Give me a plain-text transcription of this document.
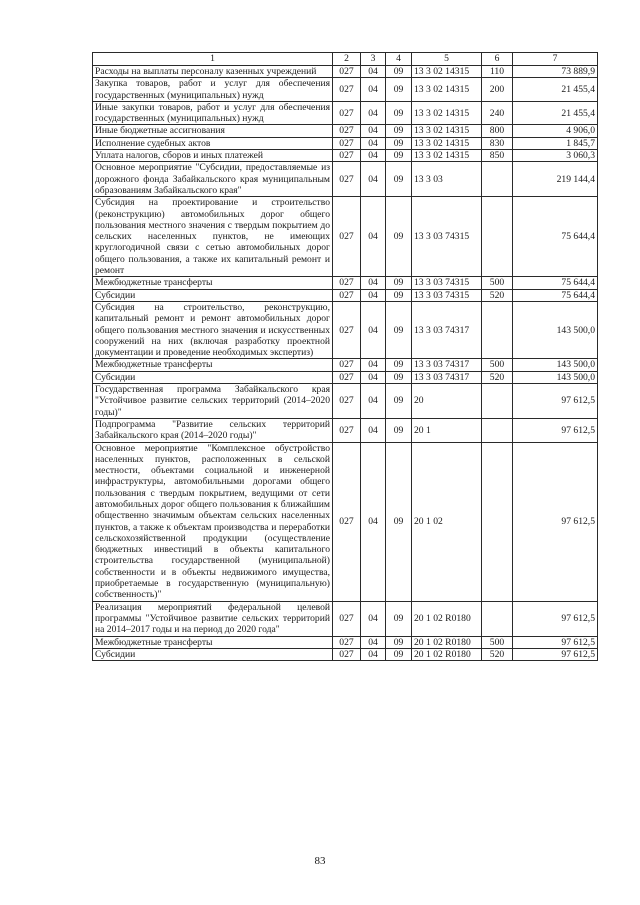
1	2	3	4	5	6	7
Расходы на выплаты персоналу казенных учреждений	027	04	09	13 3 02 14315	110	73 889,9
Закупка товаров, работ и услуг для обеспечения государственных (муниципальных) нужд	027	04	09	13 3 02 14315	200	21 455,4
Иные закупки товаров, работ и услуг для обеспечения государственных (муниципальных) нужд	027	04	09	13 3 02 14315	240	21 455,4
Иные бюджетные ассигнования	027	04	09	13 3 02 14315	800	4 906,0
Исполнение судебных актов	027	04	09	13 3 02 14315	830	1 845,7
Уплата налогов, сборов и иных платежей	027	04	09	13 3 02 14315	850	3 060,3
Основное мероприятие "Субсидии, предоставляемые из дорожного фонда Забайкальского края муниципальным образованиям Забайкальского края"	027	04	09	13 3 03		219 144,4
Субсидия на проектирование и строительство (реконструкцию) автомобильных дорог общего пользования местного значения с твердым покрытием до сельских населенных пунктов, не имеющих круглогодичной связи с сетью автомобильных дорог общего пользования, а также их капитальный ремонт и ремонт	027	04	09	13 3 03 74315		75 644,4
Межбюджетные трансферты	027	04	09	13 3 03 74315	500	75 644,4
Субсидии	027	04	09	13 3 03 74315	520	75 644,4
Субсидия на строительство, реконструкцию, капитальный ремонт и ремонт автомобильных дорог общего пользования местного значения и искусственных сооружений на них (включая разработку проектной документации и проведение необходимых экспертиз)	027	04	09	13 3 03 74317		143 500,0
Межбюджетные трансферты	027	04	09	13 3 03 74317	500	143 500,0
Субсидии	027	04	09	13 3 03 74317	520	143 500,0
Государственная программа Забайкальского края "Устойчивое развитие сельских территорий (2014–2020 годы)"	027	04	09	20		97 612,5
Подпрограмма "Развитие сельских территорий Забайкальского края (2014–2020 годы)"	027	04	09	20 1		97 612,5
Основное мероприятие "Комплексное обустройство населенных пунктов, расположенных в сельской местности, объектами социальной и инженерной инфраструктуры, автомобильными дорогами общего пользования с твердым покрытием, ведущими от сети автомобильных дорог общего пользования к ближайшим общественно значимым объектам сельских населенных пунктов, а также к объектам производства и переработки сельскохозяйственной продукции (осуществление бюджетных инвестиций в объекты капитального строительства государственной (муниципальной) собственности и в объекты недвижимого имущества, приобретаемые в государственную (муниципальную) собственность)"	027	04	09	20 1 02		97 612,5
Реализация мероприятий федеральной целевой программы "Устойчивое развитие сельских территорий на 2014–2017 годы и на период до 2020 года"	027	04	09	20 1 02 R0180		97 612,5
Межбюджетные трансферты	027	04	09	20 1 02 R0180	500	97 612,5
Субсидии	027	04	09	20 1 02 R0180	520	97 612,5
83
